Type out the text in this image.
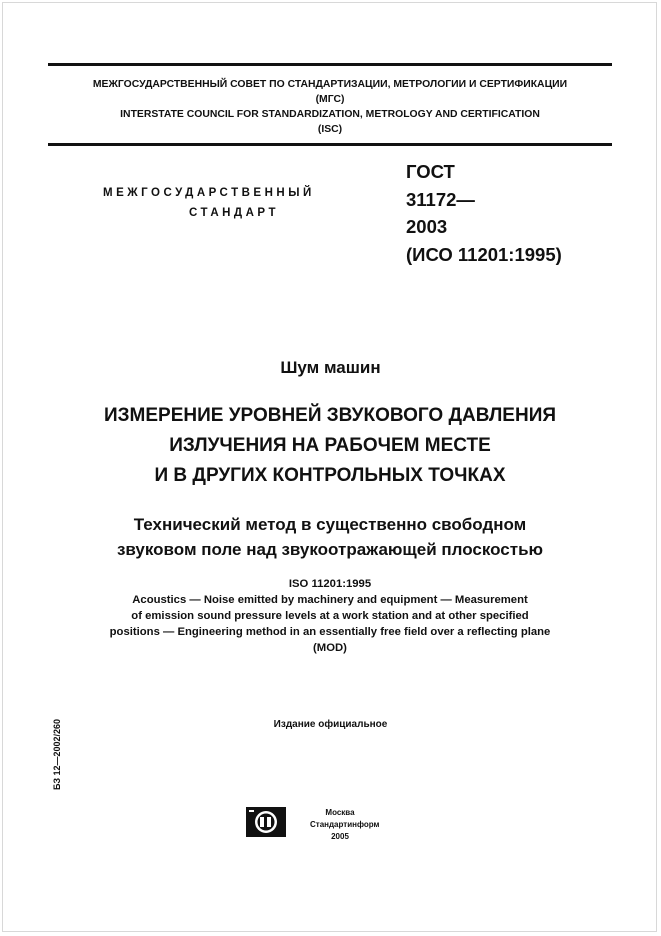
МЕЖГОСУДАРСТВЕННЫЙ СОВЕТ ПО СТАНДАРТИЗАЦИИ, МЕТРОЛОГИИ И СЕРТИФИКАЦИИ
(МГС)
INTERSTATE COUNCIL FOR STANDARDIZATION, METROLOGY AND CERTIFICATION
(ISC)
МЕЖГОСУДАРСТВЕННЫЙ
СТАНДАРТ
ГОСТ
31172—
2003
(ИСО 11201:1995)
Шум машин
ИЗМЕРЕНИЕ УРОВНЕЙ ЗВУКОВОГО ДАВЛЕНИЯ
ИЗЛУЧЕНИЯ НА РАБОЧЕМ МЕСТЕ
И В ДРУГИХ КОНТРОЛЬНЫХ ТОЧКАХ
Технический метод в существенно свободном
звуковом поле над звукоотражающей плоскостью
ISO 11201:1995
Acoustics — Noise emitted by machinery and equipment — Measurement
of emission sound pressure levels at a work station and at other specified
positions — Engineering method in an essentially free field over a reflecting plane
(MOD)
БЗ 12—2002/260	Издание официальное
Москва
Стандартинформ
2005
